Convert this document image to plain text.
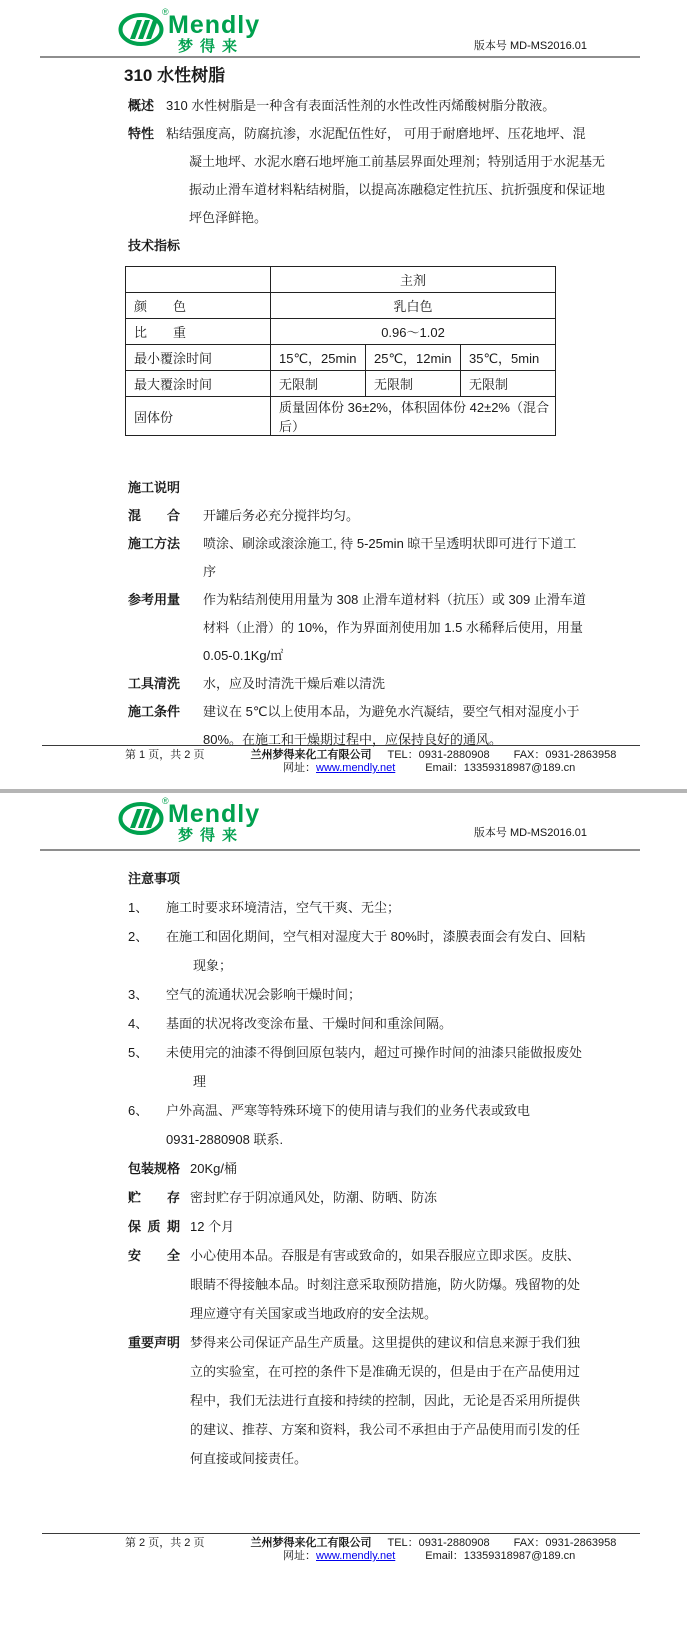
® Mendly
梦得来	版本号 MD-MS2016.01
310 水性树脂
概述 310 水性树脂是一种含有表面活性剂的水性改性丙烯酸树脂分散液。
特性 粘结强度高，防腐抗渗，水泥配伍性好， 可用于耐磨地坪、压花地坪、混
凝土地坪、水泥水磨石地坪施工前基层界面处理剂；特别适用于水泥基无
振动止滑车道材料粘结树脂，以提高冻融稳定性抗压、抗折强度和保证地
坪色泽鲜艳。
技术指标
	主剂		
颜色	乳白色		
比重	0.96～1.02		
最小覆涂时间	15℃，25min	25℃，12min	35℃，5min
最大覆涂时间	无限制	无限制	无限制
固体份	质量固体份 36±2%，体积固体份 42±2%（混合后）		
施工说明
混合	开罐后务必充分搅拌均匀。
施工方法	喷涂、刷涂或滚涂施工, 待 5-25min 晾干呈透明状即可进行下道工
序
参考用量	作为粘结剂使用用量为 308 止滑车道材料（抗压）或 309 止滑车道
材料（止滑）的 10%，作为界面剂使用加 1.5 水稀释后使用，用量
0.05-0.1Kg/㎡
工具清洗	水，应及时清洗干燥后难以清洗
施工条件	建议在 5℃以上使用本品，为避免水汽凝结，要空气相对湿度小于
80%。在施工和干燥期过程中，应保持良好的通风。
第 1 页，共 2 页	兰州梦得来化工有限公司 TEL：0931-2880908 FAX：0931-2863958
网址： www.mendly.net	Email：13359318987@189.cn
® Mendly
梦得来	版本号 MD-MS2016.01
注意事项
1、	施工时要求环境清洁，空气干爽、无尘；
2、	在施工和固化期间，空气相对湿度大于 80%时，漆膜表面会有发白、回粘
现象；
3、	空气的流通状况会影响干燥时间；
4、	基面的状况将改变涂布量、干燥时间和重涂间隔。
5、	未使用完的油漆不得倒回原包装内，超过可操作时间的油漆只能做报废处
理
6、	户外高温、严寒等特殊环境下的使用请与我们的业务代表或致电
0931-2880908 联系.
包装规格 20Kg/桶
贮存 密封贮存于阴凉通风处，防潮、防晒、防冻
保质期 12 个月
安全 小心使用本品。吞服是有害或致命的，如果吞服应立即求医。皮肤、
眼睛不得接触本品。时刻注意采取预防措施，防火防爆。残留物的处
理应遵守有关国家或当地政府的安全法规。
重要声明 梦得来公司保证产品生产质量。这里提供的建议和信息来源于我们独
立的实验室，在可控的条件下是准确无误的，但是由于在产品使用过
程中，我们无法进行直接和持续的控制，因此，无论是否采用所提供
的建议、推荐、方案和资料，我公司不承担由于产品使用而引发的任
何直接或间接责任。
第 2 页，共 2 页	兰州梦得来化工有限公司 TEL：0931-2880908 FAX：0931-2863958
网址： www.mendly.net	Email：13359318987@189.cn
